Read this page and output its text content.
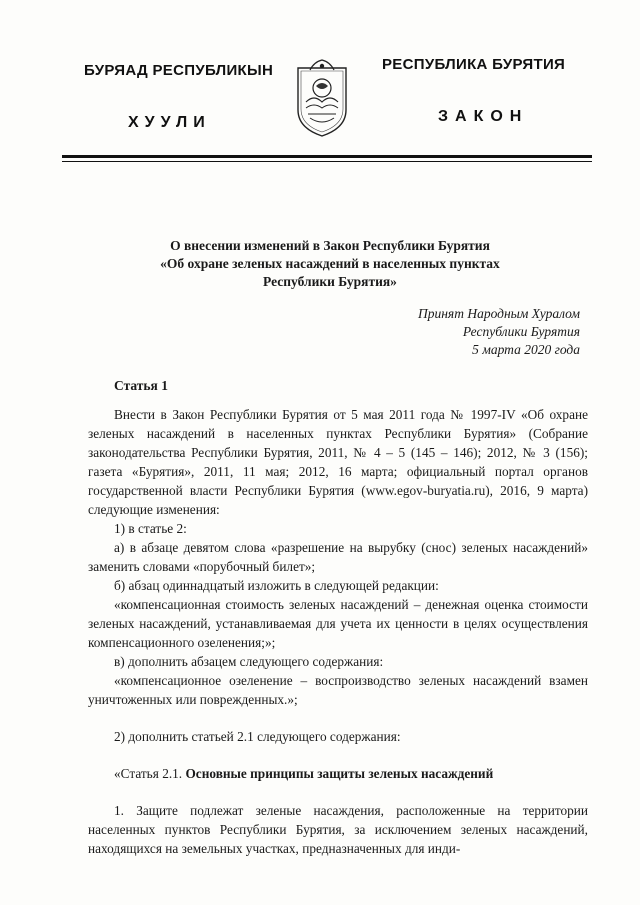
БУРЯАД РЕСПУБЛИКЫН
ХУУЛИ
РЕСПУБЛИКА БУРЯТИЯ
ЗАКОН
О внесении изменений в Закон Республики Бурятия
«Об охране зеленых насаждений в населенных пунктах
Республики Бурятия»
Принят Народным Хуралом
Республики Бурятия
5 марта 2020 года
Статья 1

Внести в Закон Республики Бурятия от 5 мая 2011 года № 1997-IV «Об охране зеленых насаждений в населенных пунктах Республики Бурятия» (Собрание законодательства Республики Бурятия, 2011, № 4 – 5 (145 – 146); 2012, № 3 (156); газета «Бурятия», 2011, 11 мая; 2012, 16 марта; официальный портал органов государственной власти Республики Бурятия (www.egov-buryatia.ru), 2016, 9 марта) следующие изменения:

1) в статье 2:

а) в абзаце девятом слова «разрешение на вырубку (снос) зеленых насаждений» заменить словами «порубочный билет»;

б) абзац одиннадцатый изложить в следующей редакции:

«компенсационная стоимость зеленых насаждений – денежная оценка стоимости зеленых насаждений, устанавливаемая для учета их ценности в целях осуществления компенсационного озеленения;»;

в) дополнить абзацем следующего содержания:

«компенсационное озеленение – воспроизводство зеленых насаждений взамен уничтоженных или поврежденных.»;

2) дополнить статьей 2.1 следующего содержания:

«Статья 2.1. Основные принципы защиты зеленых насаждений

1. Защите подлежат зеленые насаждения, расположенные на территории населенных пунктов Республики Бурятия, за исключением зеленых насаждений, находящихся на земельных участках, предназначенных для инди-
